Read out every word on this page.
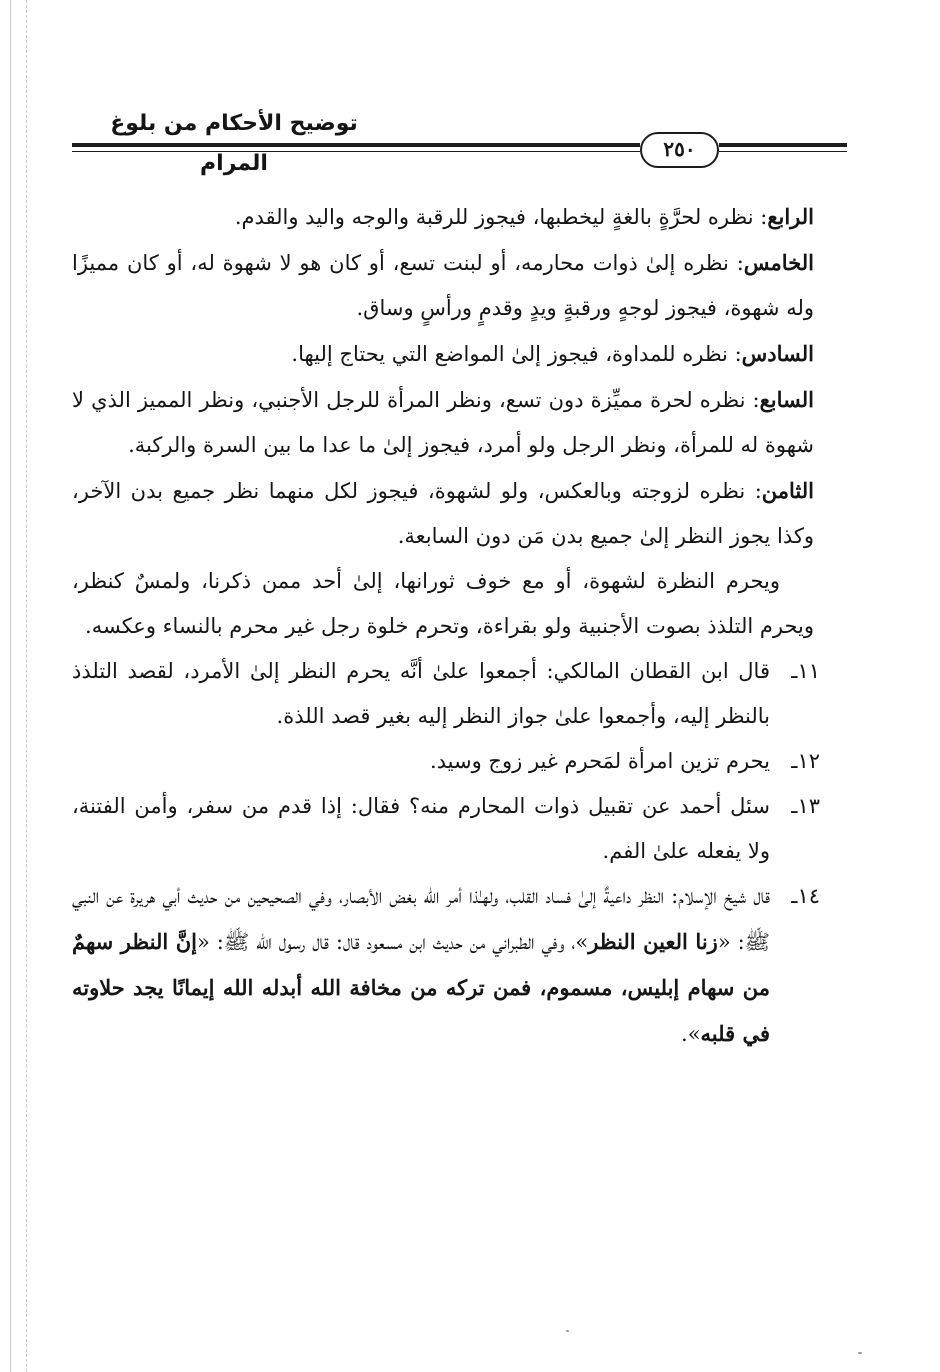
توضيح الأحكام من بلوغ المرام
٢٥٠

الرابع: نظره لحرَّةٍ بالغةٍ ليخطبها، فيجوز للرقبة والوجه واليد والقدم.

الخامس: نظره إلىٰ ذوات محارمه، أو لبنت تسع، أو كان هو لا شهوة له، أو كان مميزًا وله شهوة، فيجوز لوجهٍ ورقبةٍ ويدٍ وقدمٍ ورأسٍ وساق.

السادس: نظره للمداوة، فيجوز إلىٰ المواضع التي يحتاج إليها.

السابع: نظره لحرة مميِّزة دون تسع، ونظر المرأة للرجل الأجنبي، ونظر المميز الذي لا شهوة له للمرأة، ونظر الرجل ولو أمرد، فيجوز إلىٰ ما عدا ما بين السرة والركبة.

الثامن: نظره لزوجته وبالعكس، ولو لشهوة، فيجوز لكل منهما نظر جميع بدن الآخر، وكذا يجوز النظر إلىٰ جميع بدن مَن دون السابعة.

ويحرم النظرة لشهوة، أو مع خوف ثورانها، إلىٰ أحد ممن ذكرنا، ولمسٌ كنظر، ويحرم التلذذ بصوت الأجنبية ولو بقراءة، وتحرم خلوة رجل غير محرم بالنساء وعكسه.

١١ـ
قال ابن القطان المالكي: أجمعوا علىٰ أنَّه يحرم النظر إلىٰ الأمرد، لقصد التلذذ بالنظر إليه، وأجمعوا علىٰ جواز النظر إليه بغير قصد اللذة.

١٢ـ
يحرم تزين امرأة لمَحرم غير زوج وسيد.

١٣ـ
سئل أحمد عن تقبيل ذوات المحارم منه؟ فقال: إذا قدم من سفر، وأمن الفتنة، ولا يفعله علىٰ الفم.

١٤ـ
قال شيخ الإسلام: النظر داعيةٌ إلىٰ فساد القلب، ولهـٰذا أمر الله بغض الأبصار، وفي الصحيحين من حديث أبي هريرة عن النبي ﷺ: «زنا العين النظر»، وفي الطبراني من حديث ابن مسعود قال: قال رسول الله ﷺ: «إنَّ النظر سهمٌ من سهام إبليس، مسموم، فمن تركه من مخافة الله أبدله الله إيمانًا يجد حلاوته في قلبه».
